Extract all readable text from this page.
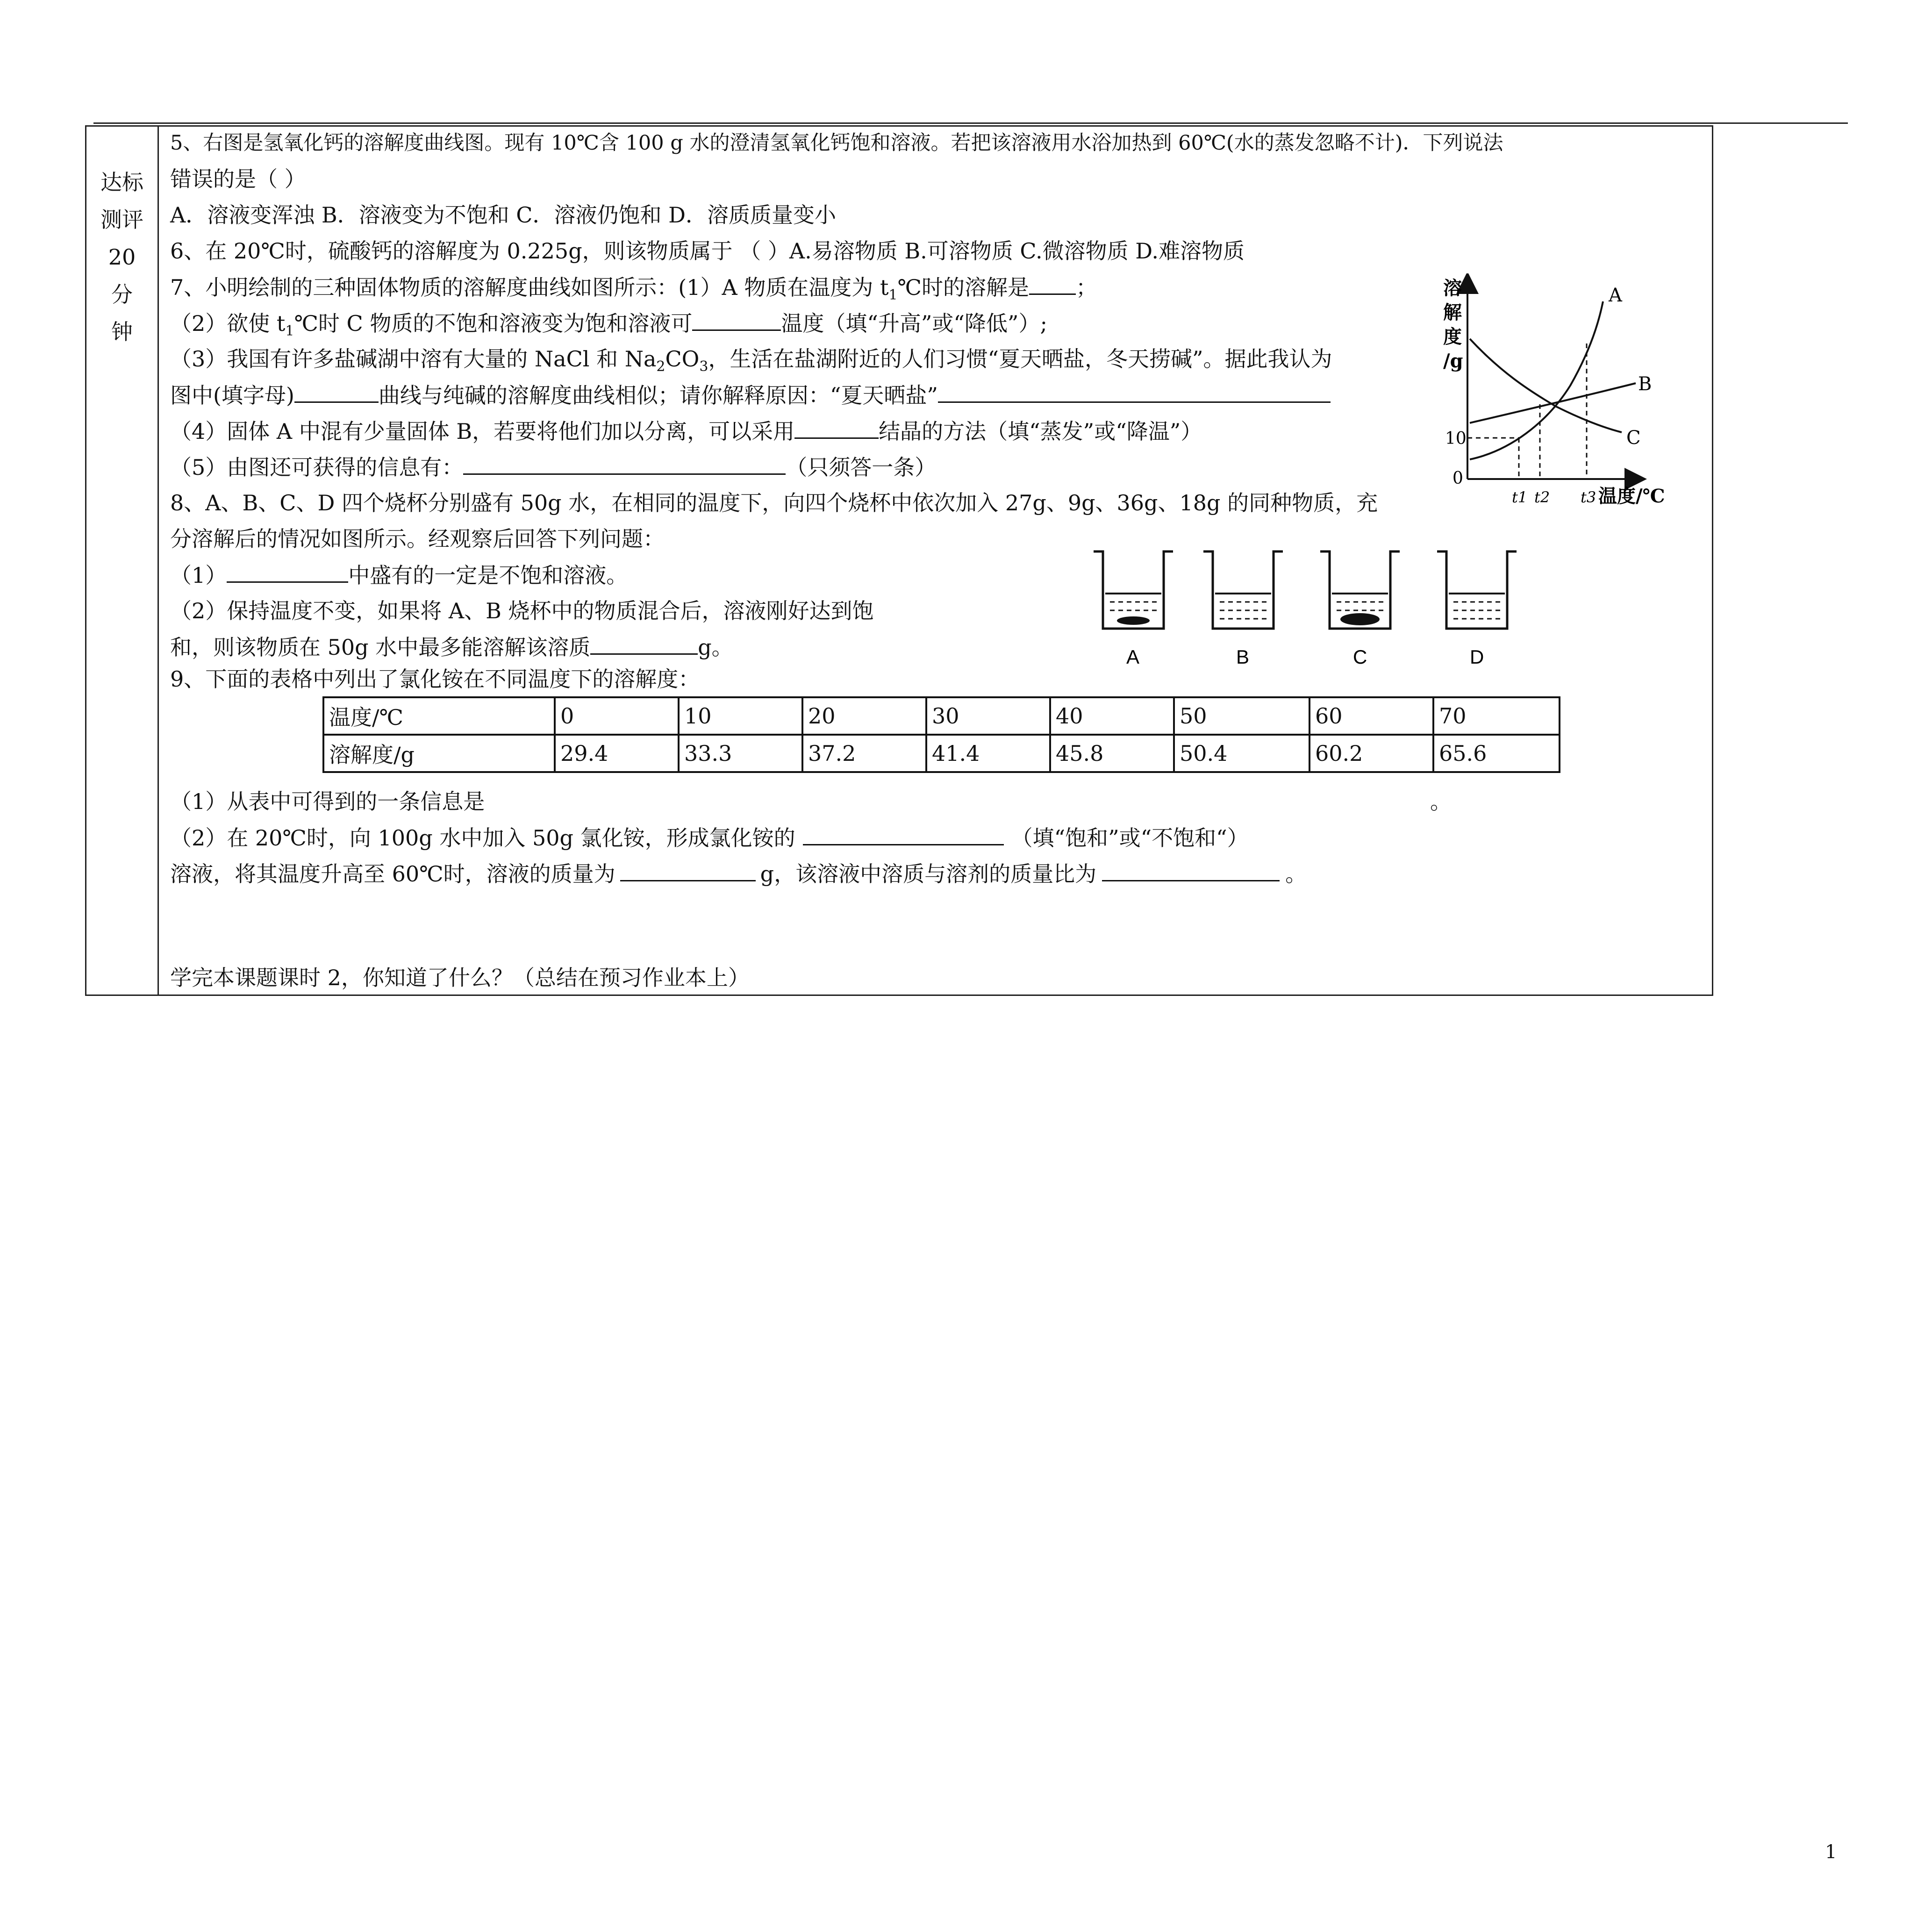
达标
测评
20
分
钟
5、右图是氢氧化钙的溶解度曲线图。现有 10℃含 100 g 水的澄清氢氧化钙饱和溶液。若把该溶液用水浴加热到 60℃(水的蒸发忽略不计)．下列说法
错误的是（ ）
A．溶液变浑浊 B．溶液变为不饱和 C．溶液仍饱和 D．溶质质量变小
6、在 20℃时，硫酸钙的溶解度为 0.225g，则该物质属于 （ ）A.易溶物质 B.可溶物质 C.微溶物质 D.难溶物质
7、小明绘制的三种固体物质的溶解度曲线如图所示：(1）A 物质在温度为 $t_1℃$时的溶解是 ；
（2）欲使 $t_1℃$时 C 物质的不饱和溶液变为饱和溶液可	温度（填“升高”或“降低”）;
（3）我国有许多盐碱湖中溶有大量的 NaCl 和 $Na_2CO_3$，生活在盐湖附近的人们习惯“夏天晒盐，冬天捞碱”。据此我认为
图中(填字母)	曲线与纯碱的溶解度曲线相似；请你解释原因：“夏天晒盐”
（4）固体 A 中混有少量固体 B，若要将他们加以分离，可以采用	结晶的方法（填“蒸发”或“降温”）
（5）由图还可获得的信息有：	（只须答一条）
溶
解
度
/g
A
B
C
10
0
t1 t2 t3 温度/℃
8、A、B、C、D 四个烧杯分别盛有 50g 水，在相同的温度下，向四个烧杯中依次加入 27g、9g、36g、18g 的同种物质，充
分溶解后的情况如图所示。经观察后回答下列问题：
（1）	中盛有的一定是不饱和溶液。
（2）保持温度不变，如果将 A、B 烧杯中的物质混合后，溶液刚好达到饱
和，则该物质在 50g 水中最多能溶解该溶质	g。	A	B	C	D
9、下面的表格中列出了氯化铵在不同温度下的溶解度：
温度/℃	0	10	20	30	40	50	60	70
溶解度/g	29.4	33.3	37.2	41.4	45.8	50.4	60.2	65.6
（1）从表中可得到的一条信息是	。
（2）在 20℃时，向 100g 水中加入 50g 氯化铵，形成氯化铵的	（填“饱和”或“不饱和“）
溶液，将其温度升高至 60℃时，溶液的质量为	g，该溶液中溶质与溶剂的质量比为	。
学完本课题课时 2，你知道了什么？（总结在预习作业本上）
1
